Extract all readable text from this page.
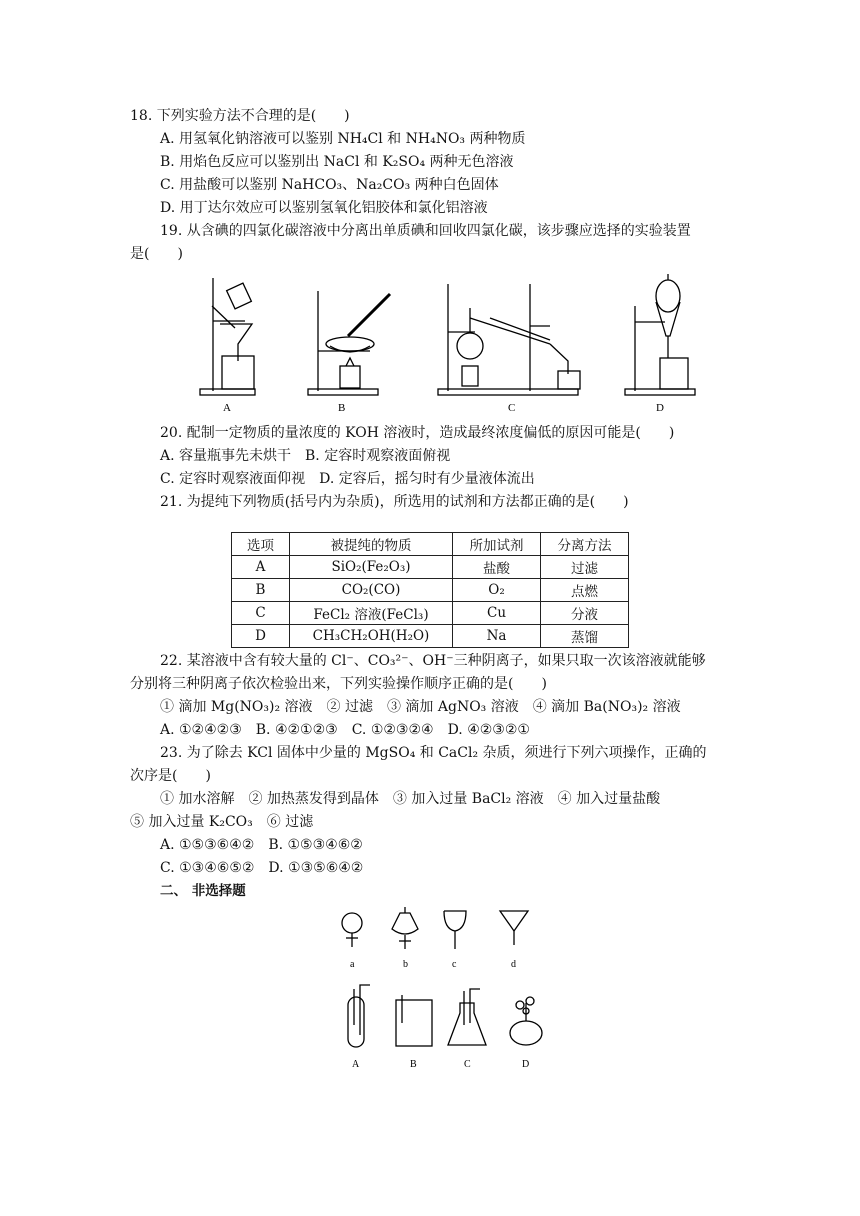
18. 下列实验方法不合理的是(　　)
A. 用氢氧化钠溶液可以鉴别 NH₄Cl 和 NH₄NO₃ 两种物质
B. 用焰色反应可以鉴别出 NaCl 和 K₂SO₄ 两种无色溶液
C. 用盐酸可以鉴别 NaHCO₃、Na₂CO₃ 两种白色固体
D. 用丁达尔效应可以鉴别氢氧化铝胶体和氯化铝溶液
19. 从含碘的四氯化碳溶液中分离出单质碘和回收四氯化碳，该步骤应选择的实验装置
是(　　)
A	B	C	D
20. 配制一定物质的量浓度的 KOH 溶液时，造成最终浓度偏低的原因可能是(　　)
A. 容量瓶事先未烘干　B. 定容时观察液面俯视
C. 定容时观察液面仰视　D. 定容后，摇匀时有少量液体流出
21. 为提纯下列物质(括号内为杂质)，所选用的试剂和方法都正确的是(　　)
选项	被提纯的物质	所加试剂	分离方法
A	SiO₂(Fe₂O₃)	盐酸	过滤
B	CO₂(CO)	O₂	点燃
C	FeCl₂ 溶液(FeCl₃)	Cu	分液
D	CH₃CH₂OH(H₂O)	Na	蒸馏
22. 某溶液中含有较大量的 Cl⁻、CO₃²⁻、OH⁻三种阴离子，如果只取一次该溶液就能够
分别将三种阴离子依次检验出来，下列实验操作顺序正确的是(　　)
① 滴加 Mg(NO₃)₂ 溶液　② 过滤　③ 滴加 AgNO₃ 溶液　④ 滴加 Ba(NO₃)₂ 溶液
A. ①②④②③　B. ④②①②③　C. ①②③②④　D. ④②③②①
23. 为了除去 KCl 固体中少量的 MgSO₄ 和 CaCl₂ 杂质，须进行下列六项操作，正确的
次序是(　　)
① 加水溶解　② 加热蒸发得到晶体　③ 加入过量 BaCl₂ 溶液　④ 加入过量盐酸
⑤ 加入过量 K₂CO₃　⑥ 过滤
A. ①⑤③⑥④②　B. ①⑤③④⑥②
C. ①③④⑥⑤②　D. ①③⑤⑥④②
二、 非选择题
a	b	c	d
A	B	C	D
